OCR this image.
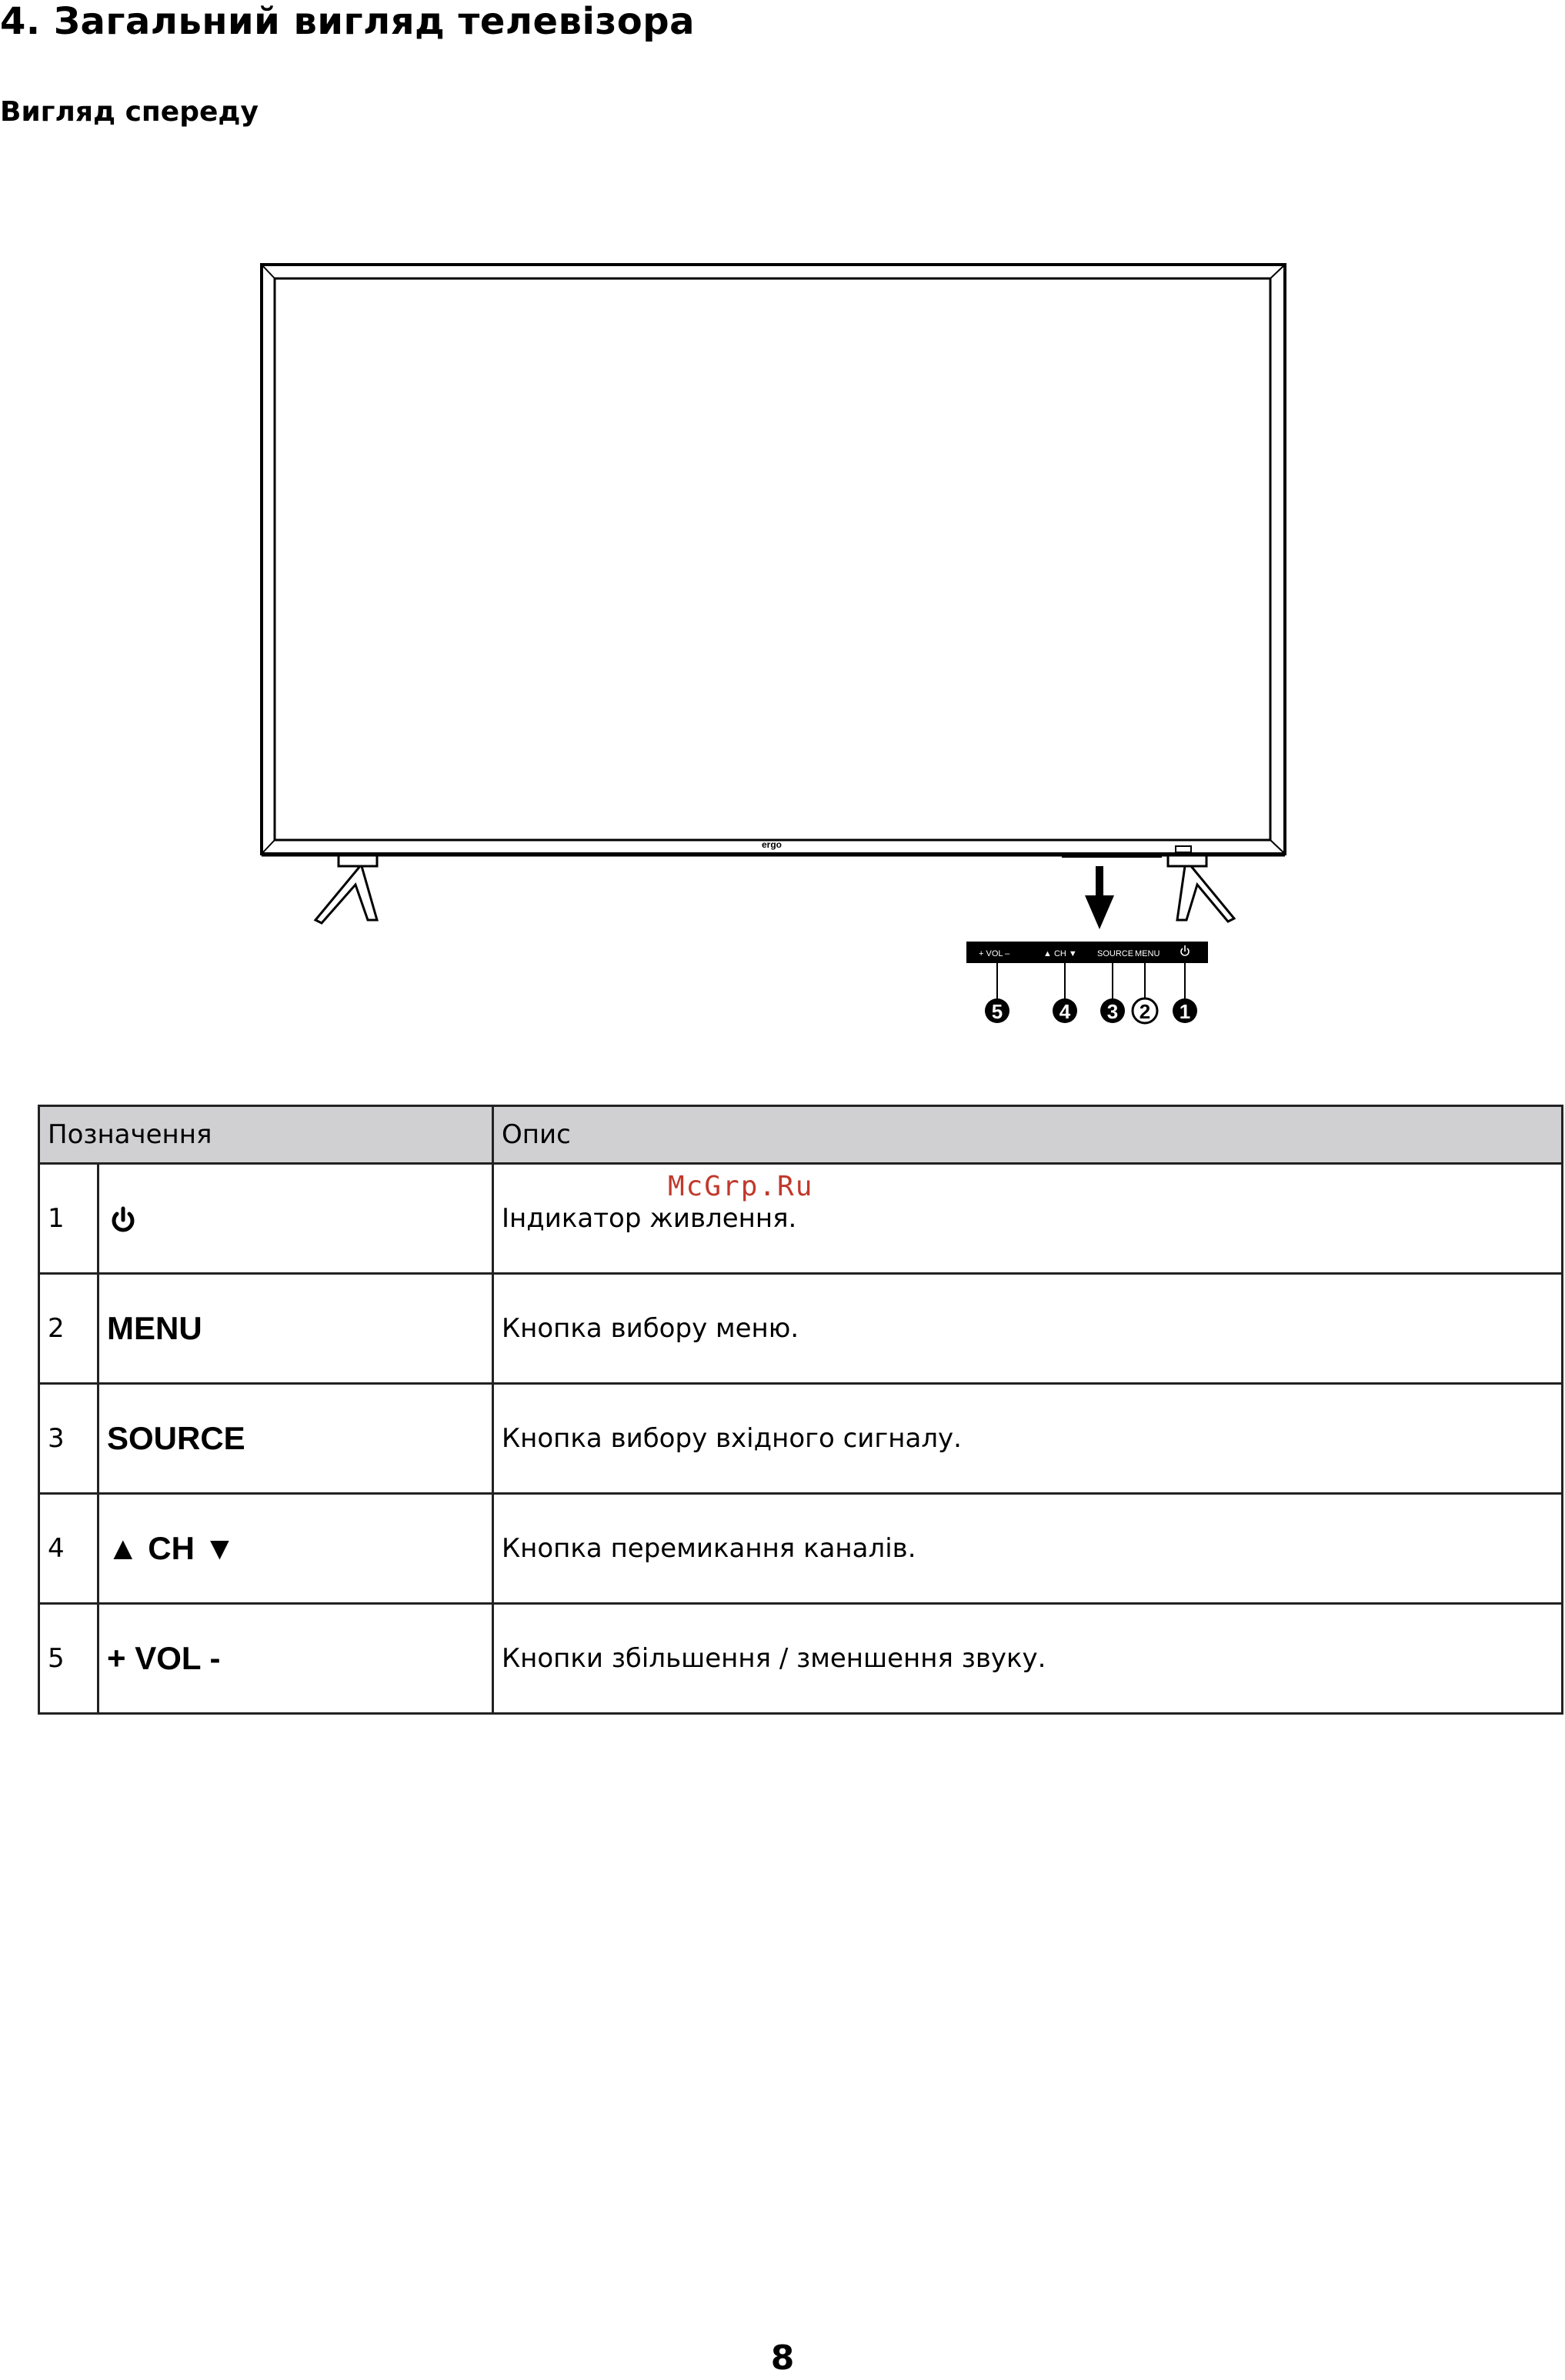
4. Загальний вигляд телевізора
Вигляд спереду
ergo
+ VOL –	▲ CH ▼ SOURCE MENU
5	4 3 2 1
McGrp.Ru
Позначення		Опис
1		Індикатор живлення.
2	MENU	Кнопка вибору меню.
3	SOURCE	Кнопка вибору вхідного сигналу.
4	▲ CH ▼	Кнопка перемикання каналів.
5	+ VOL -	Кнопки збільшення / зменшення звуку.
8
